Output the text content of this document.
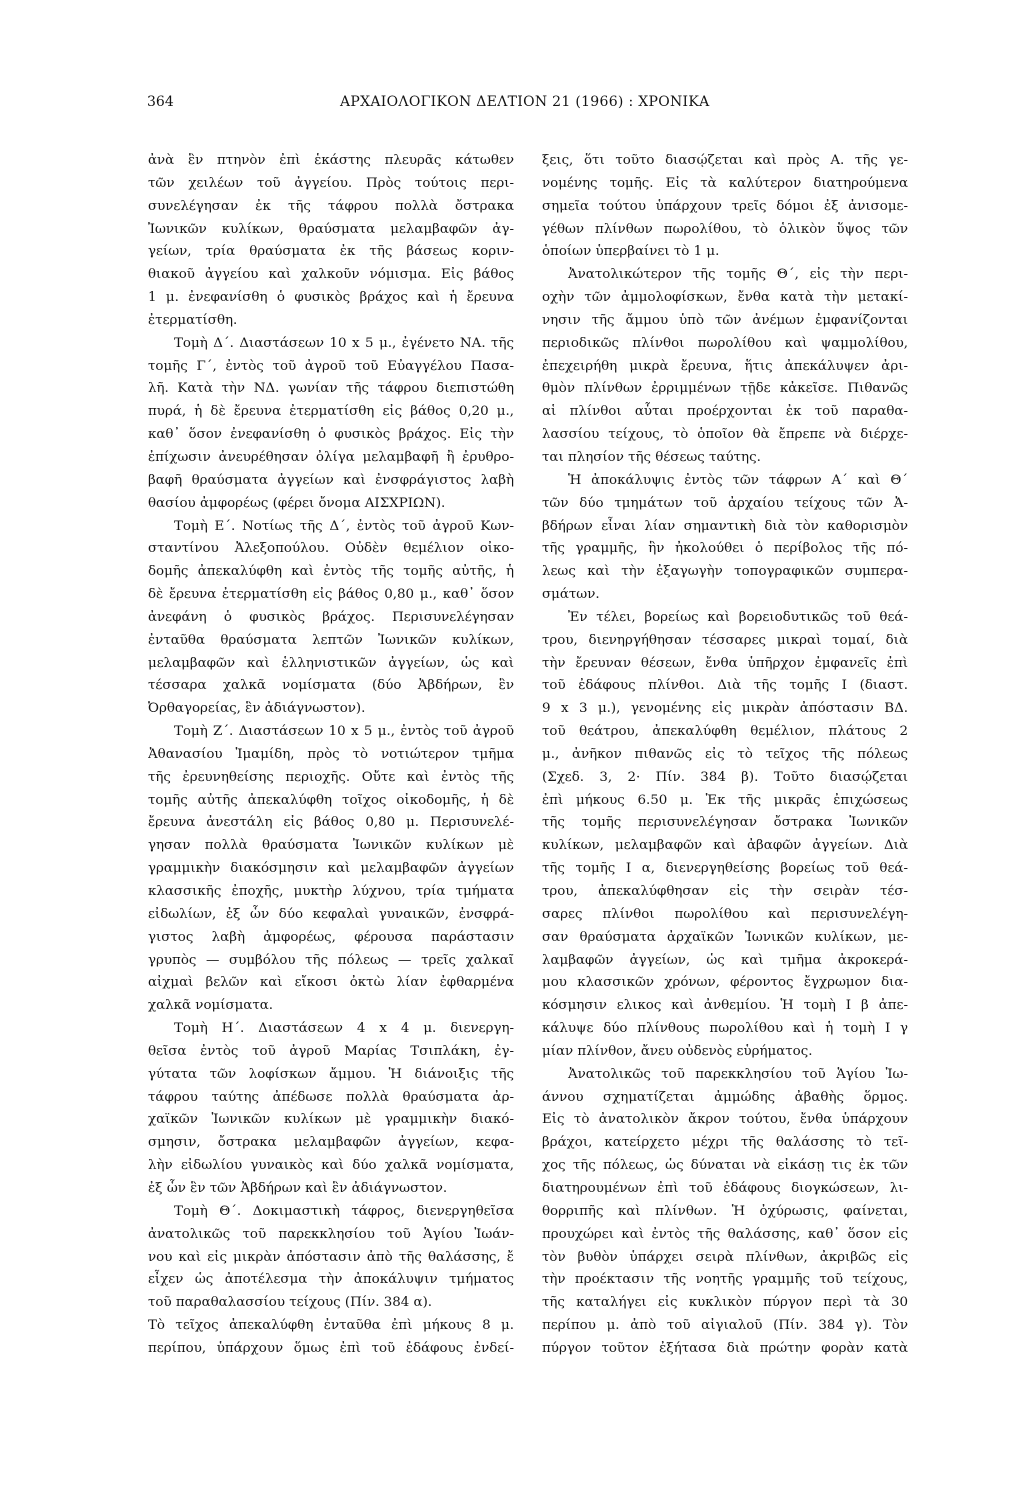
364	ΑΡΧΑΙΟΛΟΓΙΚΟΝ ΔΕΛΤΙΟΝ 21 (1966) : ΧΡΟΝΙΚΑ
ἀνὰ ἓν πτηνὸν ἐπὶ ἑκάστης πλευρᾶς κάτωθεν
τῶν χειλέων τοῦ ἀγγείου. Πρὸς τούτοις περι-
συνελέγησαν ἐκ τῆς τάφρου πολλὰ ὄστρακα
Ἰωνικῶν κυλίκων, θραύσματα μελαμβαφῶν ἀγ-
γείων, τρία θραύσματα ἐκ τῆς βάσεως κοριν-
θιακοῦ ἀγγείου καὶ χαλκοῦν νόμισμα. Εἰς βάθος
1 μ. ἐνεφανίσθη ὁ φυσικὸς βράχος καὶ ἡ ἔρευνα
ἐτερματίσθη.
Τομὴ Δ΄. Διαστάσεων 10 x 5 μ., ἐγένετο ΝΑ. τῆς
τομῆς Γ΄, ἐντὸς τοῦ ἀγροῦ τοῦ Εὐαγγέλου Πασα-
λῆ. Κατὰ τὴν ΝΔ. γωνίαν τῆς τάφρου διεπιστώθη
πυρά, ἡ δὲ ἔρευνα ἐτερματίσθη εἰς βάθος 0,20 μ.,
καθ᾽ ὅσον ἐνεφανίσθη ὁ φυσικὸς βράχος. Εἰς τὴν
ἐπίχωσιν ἀνευρέθησαν ὀλίγα μελαμβαφῆ ἢ ἐρυθρο-
βαφῆ θραύσματα ἀγγείων καὶ ἐνσφράγιστος λαβὴ
θασίου ἀμφορέως (φέρει ὄνομα ΑΙΣΧΡΙΩΝ).
Τομὴ Ε΄. Νοτίως τῆς Δ΄, ἐντὸς τοῦ ἀγροῦ Κων-
σταντίνου Ἀλεξοπούλου. Οὐδὲν θεμέλιον οἰκο-
δομῆς ἀπεκαλύφθη καὶ ἐντὸς τῆς τομῆς αὐτῆς, ἡ
δὲ ἔρευνα ἐτερματίσθη εἰς βάθος 0,80 μ., καθ᾽ ὅσον
ἀνεφάνη ὁ φυσικὸς βράχος. Περισυνελέγησαν
ἐνταῦθα θραύσματα λεπτῶν Ἰωνικῶν κυλίκων,
μελαμβαφῶν καὶ ἑλληνιστικῶν ἀγγείων, ὡς καὶ
τέσσαρα χαλκᾶ νομίσματα (δύο Ἀβδήρων, ἓν
Ὀρθαγορείας, ἓν ἀδιάγνωστον).
Τομὴ Ζ΄. Διαστάσεων 10 x 5 μ., ἐντὸς τοῦ ἀγροῦ
Ἀθανασίου Ἰμαμίδη, πρὸς τὸ νοτιώτερον τμῆμα
τῆς ἐρευνηθείσης περιοχῆς. Οὔτε καὶ ἐντὸς τῆς
τομῆς αὐτῆς ἀπεκαλύφθη τοῖχος οἰκοδομῆς, ἡ δὲ
ἔρευνα ἀνεστάλη εἰς βάθος 0,80 μ. Περισυνελέ-
γησαν πολλὰ θραύσματα Ἰωνικῶν κυλίκων μὲ
γραμμικὴν διακόσμησιν καὶ μελαμβαφῶν ἀγγείων
κλασσικῆς ἐποχῆς, μυκτὴρ λύχνου, τρία τμήματα
εἰδωλίων, ἐξ ὧν δύο κεφαλαὶ γυναικῶν, ἐνσφρά-
γιστος λαβὴ ἀμφορέως, φέρουσα παράστασιν
γρυπὸς — συμβόλου τῆς πόλεως — τρεῖς χαλκαῖ
αἰχμαὶ βελῶν καὶ εἴκοσι ὀκτὼ λίαν ἐφθαρμένα
χαλκᾶ νομίσματα.
Τομὴ Η΄. Διαστάσεων 4 x 4 μ. διενεργη-
θεῖσα ἐντὸς τοῦ ἀγροῦ Μαρίας Τσιπλάκη, ἐγ-
γύτατα τῶν λοφίσκων ἄμμου. Ἡ διάνοιξις τῆς
τάφρου ταύτης ἀπέδωσε πολλὰ θραύσματα ἀρ-
χαϊκῶν Ἰωνικῶν κυλίκων μὲ γραμμικὴν διακό-
σμησιν, ὄστρακα μελαμβαφῶν ἀγγείων, κεφα-
λὴν εἰδωλίου γυναικὸς καὶ δύο χαλκᾶ νομίσματα,
ἐξ ὧν ἓν τῶν Ἀβδήρων καὶ ἓν ἀδιάγνωστον.
Τομὴ Θ΄. Δοκιμαστικὴ τάφρος, διενεργηθεῖσα
ἀνατολικῶς τοῦ παρεκκλησίου τοῦ Ἁγίου Ἰωάν-
νου καὶ εἰς μικρὰν ἀπόστασιν ἀπὸ τῆς θαλάσσης, ἔ
εἶχεν ὡς ἀποτέλεσμα τὴν ἀποκάλυψιν τμήματος
τοῦ παραθαλασσίου τείχους (Πίν. 384 α).
Τὸ τεῖχος ἀπεκαλύφθη ἐνταῦθα ἐπὶ μήκους 8 μ.
περίπου, ὑπάρχουν ὅμως ἐπὶ τοῦ ἐδάφους ἐνδεί-
ξεις, ὅτι τοῦτο διασῴζεται καὶ πρὸς Α. τῆς γε-
νομένης τομῆς. Εἰς τὰ καλύτερον διατηρούμενα
σημεῖα τούτου ὑπάρχουν τρεῖς δόμοι ἐξ ἀνισομε-
γέθων πλίνθων πωρολίθου, τὸ ὁλικὸν ὕψος τῶν
ὁποίων ὑπερβαίνει τὸ 1 μ.
Ἀνατολικώτερον τῆς τομῆς Θ΄, εἰς τὴν περι-
οχὴν τῶν ἀμμολοφίσκων, ἔνθα κατὰ τὴν μετακί-
νησιν τῆς ἄμμου ὑπὸ τῶν ἀνέμων ἐμφανίζονται
περιοδικῶς πλίνθοι πωρολίθου καὶ ψαμμολίθου,
ἐπεχειρήθη μικρὰ ἔρευνα, ἥτις ἀπεκάλυψεν ἀρι-
θμὸν πλίνθων ἐρριμμένων τῇδε κἀκεῖσε. Πιθανῶς
αἱ πλίνθοι αὗται προέρχονται ἐκ τοῦ παραθα-
λασσίου τείχους, τὸ ὁποῖον θὰ ἔπρεπε νὰ διέρχε-
ται πλησίον τῆς θέσεως ταύτης.
Ἡ ἀποκάλυψις ἐντὸς τῶν τάφρων Α΄ καὶ Θ΄
τῶν δύο τμημάτων τοῦ ἀρχαίου τείχους τῶν Ἀ-
βδήρων εἶναι λίαν σημαντικὴ διὰ τὸν καθορισμὸν
τῆς γραμμῆς, ἣν ἠκολούθει ὁ περίβολος τῆς πό-
λεως καὶ τὴν ἐξαγωγὴν τοπογραφικῶν συμπερα-
σμάτων.
Ἐν τέλει, βορείως καὶ βορειοδυτικῶς τοῦ θεά-
τρου, διενηργήθησαν τέσσαρες μικραὶ τομαί, διὰ
τὴν ἔρευναν θέσεων, ἔνθα ὑπῆρχον ἐμφανεῖς ἐπὶ
τοῦ ἐδάφους πλίνθοι. Διὰ τῆς τομῆς Ι (διαστ.
9 x 3 μ.), γενομένης εἰς μικρὰν ἀπόστασιν ΒΔ.
τοῦ θεάτρου, ἀπεκαλύφθη θεμέλιον, πλάτους 2
μ., ἀνῆκον πιθανῶς εἰς τὸ τεῖχος τῆς πόλεως
(Σχεδ. 3, 2· Πίν. 384 β). Τοῦτο διασῴζεται
ἐπὶ μήκους 6.50 μ. Ἐκ τῆς μικρᾶς ἐπιχώσεως
τῆς τομῆς περισυνελέγησαν ὄστρακα Ἰωνικῶν
κυλίκων, μελαμβαφῶν καὶ ἀβαφῶν ἀγγείων. Διὰ
τῆς τομῆς Ι α, διενεργηθείσης βορείως τοῦ θεά-
τρου, ἀπεκαλύφθησαν εἰς τὴν σειρὰν τέσ-
σαρες πλίνθοι πωρολίθου καὶ περισυνελέγη-
σαν θραύσματα ἀρχαϊκῶν Ἰωνικῶν κυλίκων, με-
λαμβαφῶν ἀγγείων, ὡς καὶ τμῆμα ἀκροκερά-
μου κλασσικῶν χρόνων, φέροντος ἔγχρωμον δια-
κόσμησιν ελικος καὶ ἀνθεμίου. Ἡ τομὴ Ι β ἀπε-
κάλυψε δύο πλίνθους πωρολίθου καὶ ἡ τομὴ Ι γ
μίαν πλίνθον, ἄνευ οὐδενὸς εὑρήματος.
Ἀνατολικῶς τοῦ παρεκκλησίου τοῦ Ἁγίου Ἰω-
άννου σχηματίζεται ἀμμώδης ἀβαθὴς ὅρμος.
Εἰς τὸ ἀνατολικὸν ἄκρον τούτου, ἔνθα ὑπάρχουν
βράχοι, κατείρχετο μέχρι τῆς θαλάσσης τὸ τεῖ-
χος τῆς πόλεως, ὡς δύναται νὰ εἰκάσῃ τις ἐκ τῶν
διατηρουμένων ἐπὶ τοῦ ἐδάφους διογκώσεων, λι-
θορριπῆς καὶ πλίνθων. Ἡ ὀχύρωσις, φαίνεται,
προυχώρει καὶ ἐντὸς τῆς θαλάσσης, καθ᾽ ὅσον εἰς
τὸν βυθὸν ὑπάρχει σειρὰ πλίνθων, ἀκριβῶς εἰς
τὴν προέκτασιν τῆς νοητῆς γραμμῆς τοῦ τείχους,
τῆς καταλήγει εἰς κυκλικὸν πύργον περὶ τὰ 30
περίπου μ. ἀπὸ τοῦ αἰγιαλοῦ (Πίν. 384 γ). Τὸν
πύργον τοῦτον ἐξήτασα διὰ πρώτην φορὰν κατὰ
